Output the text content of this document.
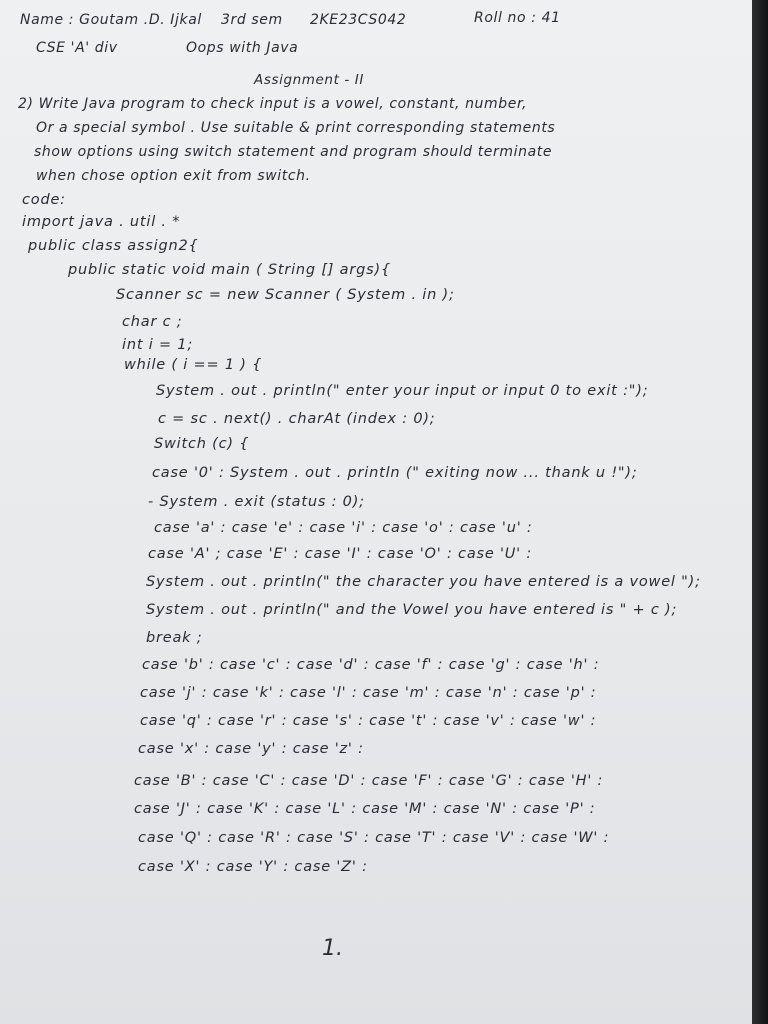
Name : Goutam .D. Ijkal 3rd sem 2KE23CS042	Roll no : 41
CSE 'A' div	Oops with Java
Assignment - II
2) Write Java program to check input is a vowel, constant, number,
Or a special symbol . Use suitable & print corresponding statements
show options using switch statement and program should terminate
when chose option exit from switch.
code:
import java . util . *
public class assign2{
public static void main ( String [] args){
Scanner sc = new Scanner ( System . in );
char c ;
int i = 1;
while ( i == 1 ) {
System . out . println(" enter your input or input 0 to exit :");
c = sc . next() . charAt (index : 0);
Switch (c) {
case '0' : System . out . println (" exiting now ... thank u !");
- System . exit (status : 0);
case 'a' : case 'e' : case 'i' : case 'o' : case 'u' :
case 'A' ; case 'E' : case 'I' : case 'O' : case 'U' :
System . out . println(" the character you have entered is a vowel ");
System . out . println(" and the Vowel you have entered is " + c );
break ;
case 'b' : case 'c' : case 'd' : case 'f' : case 'g' : case 'h' :
case 'j' : case 'k' : case 'l' : case 'm' : case 'n' : case 'p' :
case 'q' : case 'r' : case 's' : case 't' : case 'v' : case 'w' :
case 'x' : case 'y' : case 'z' :
case 'B' : case 'C' : case 'D' : case 'F' : case 'G' : case 'H' :
case 'J' : case 'K' : case 'L' : case 'M' : case 'N' : case 'P' :
case 'Q' : case 'R' : case 'S' : case 'T' : case 'V' : case 'W' :
case 'X' : case 'Y' : case 'Z' :
1.
